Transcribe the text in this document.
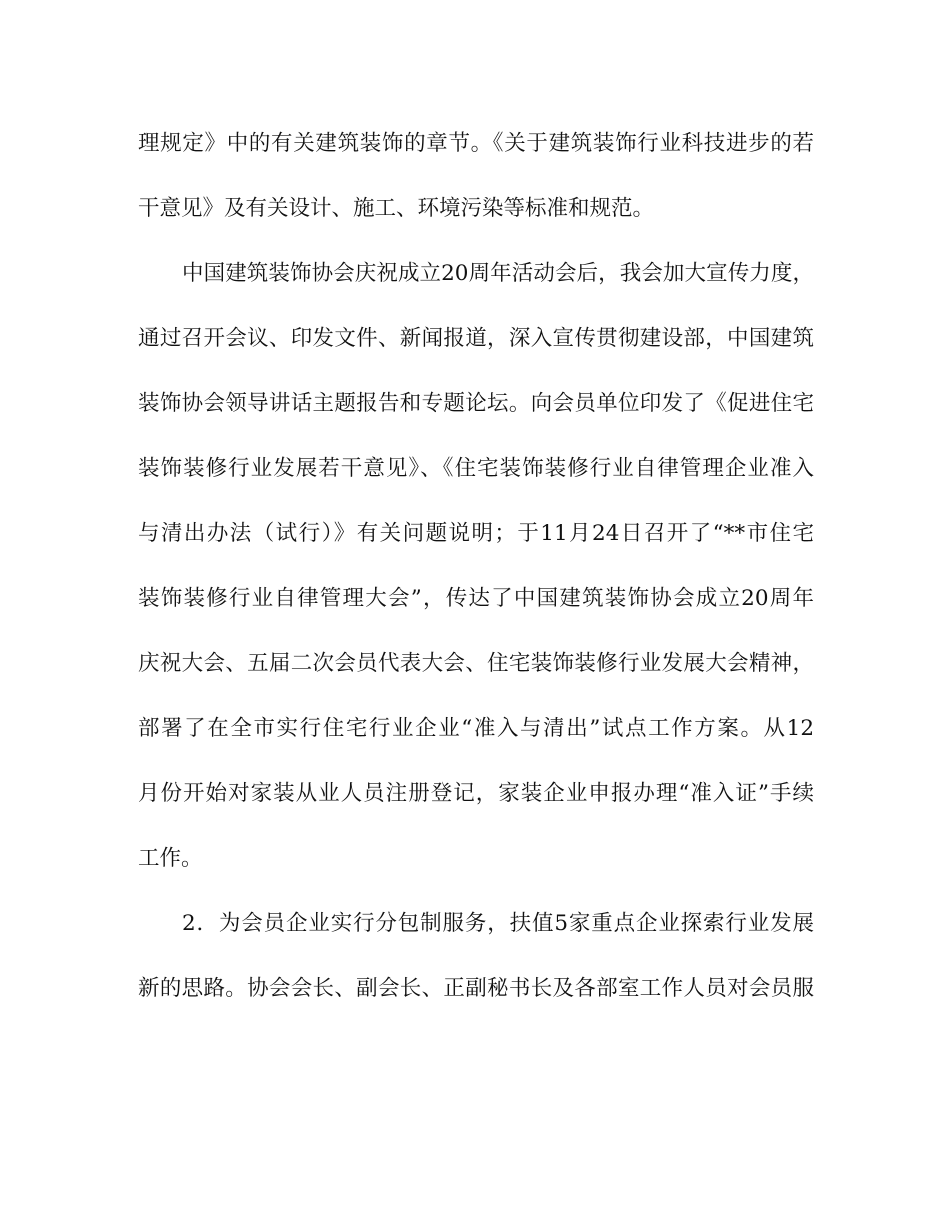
理规定》中的有关建筑装饰的章节。《关于建筑装饰行业科技进步的若
干意见》及有关设计、施工、环境污染等标准和规范。
中国建筑装饰协会庆祝成立20周年活动会后，我会加大宣传力度，
通过召开会议、印发文件、新闻报道，深入宣传贯彻建设部，中国建筑
装饰协会领导讲话主题报告和专题论坛。向会员单位印发了《促进住宅
装饰装修行业发展若干意见》、《住宅装饰装修行业自律管理企业准入
与清出办法（试行）》有关问题说明；于11月24日召开了“**市住宅
装饰装修行业自律管理大会”，传达了中国建筑装饰协会成立20周年
庆祝大会、五届二次会员代表大会、住宅装饰装修行业发展大会精神，
部署了在全市实行住宅行业企业“准入与清出”试点工作方案。从12
月份开始对家装从业人员注册登记，家装企业申报办理“准入证”手续
工作。
2．为会员企业实行分包制服务，扶值5家重点企业探索行业发展
新的思路。协会会长、副会长、正副秘书长及各部室工作人员对会员服
